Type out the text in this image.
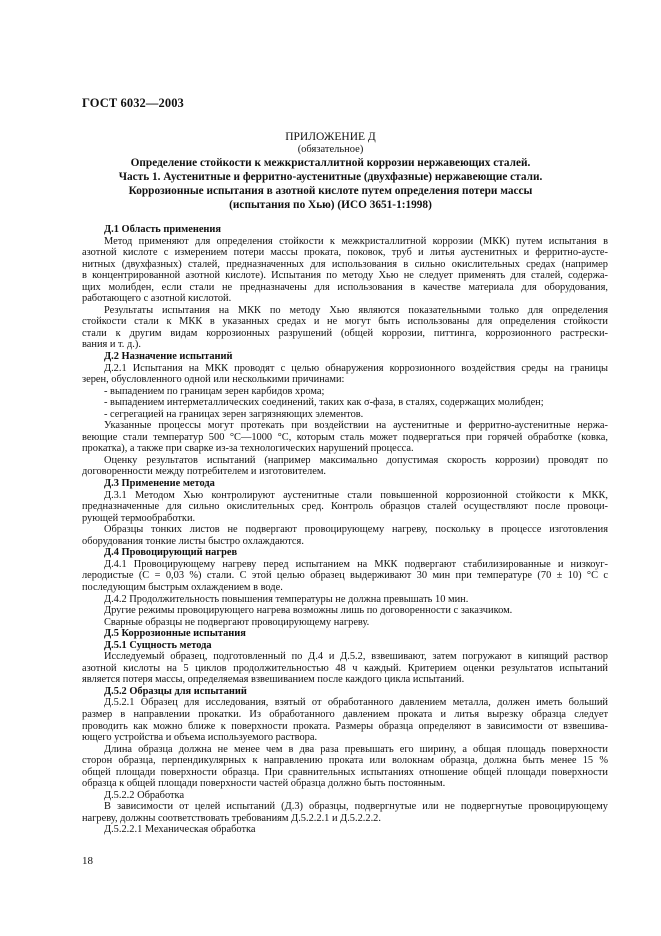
ГОСТ 6032—2003
ПРИЛОЖЕНИЕ Д
(обязательное)
Определение стойкости к межкристаллитной коррозии нержавеющих сталей.
Часть 1. Аустенитные и ферритно-аустенитные (двухфазные) нержавеющие стали.
Коррозионные испытания в азотной кислоте путем определения потери массы
(испытания по Хью) (ИСО 3651-1:1998)
Д.1 Область применения
Метод применяют для определения стойкости к межкристаллитной коррозии (МКК) путем испытания в
азотной кислоте с измерением потери массы проката, поковок, труб и литья аустенитных и ферритно-аусте-
нитных (двухфазных) сталей, предназначенных для использования в сильно окислительных средах (например
в концентрированной азотной кислоте). Испытания по методу Хью не следует применять для сталей, содержа-
щих молибден, если стали не предназначены для использования в качестве материала для оборудования,
работающего с азотной кислотой.
Результаты испытания на МКК по методу Хью являются показательными только для определения
стойкости стали к МКК в указанных средах и не могут быть использованы для определения стойкости
стали к другим видам коррозионных разрушений (общей коррозии, питтинга, коррозионного растрески-
вания и т. д.).
Д.2 Назначение испытаний
Д.2.1 Испытания на МКК проводят с целью обнаружения коррозионного воздействия среды на границы
зерен, обусловленного одной или несколькими причинами:
- выпадением по границам зерен карбидов хрома;
- выпадением интерметаллических соединений, таких как σ-фаза, в сталях, содержащих молибден;
- сегрегацией на границах зерен загрязняющих элементов.
Указанные процессы могут протекать при воздействии на аустенитные и ферритно-аустенитные нержа-
веющие стали температур 500 °С—1000 °С, которым сталь может подвергаться при горячей обработке (ковка,
прокатка), а также при сварке из-за технологических нарушений процесса.
Оценку результатов испытаний (например максимально допустимая скорость коррозии) проводят по
договоренности между потребителем и изготовителем.
Д.3 Применение метода
Д.3.1 Методом Хью контролируют аустенитные стали повышенной коррозионной стойкости к МКК,
предназначенные для сильно окислительных сред. Контроль образцов сталей осуществляют после провоци-
рующей термообработки.
Образцы тонких листов не подвергают провоцирующему нагреву, поскольку в процессе изготовления
оборудования тонкие листы быстро охлаждаются.
Д.4 Провоцирующий нагрев
Д.4.1 Провоцирующему нагреву перед испытанием на МКК подвергают стабилизированные и низкоуг-
леродистые (С = 0,03 %) стали. С этой целью образец выдерживают 30 мин при температуре (70 ± 10) °С с
последующим быстрым охлаждением в воде.
Д.4.2 Продолжительность повышения температуры не должна превышать 10 мин.
Другие режимы провоцирующего нагрева возможны лишь по договоренности с заказчиком.
Сварные образцы не подвергают провоцирующему нагреву.
Д.5 Коррозионные испытания
Д.5.1 Сущность метода
Исследуемый образец, подготовленный по Д.4 и Д.5.2, взвешивают, затем погружают в кипящий раствор
азотной кислоты на 5 циклов продолжительностью 48 ч каждый. Критерием оценки результатов испытаний
является потеря массы, определяемая взвешиванием после каждого цикла испытаний.
Д.5.2 Образцы для испытаний
Д.5.2.1 Образец для исследования, взятый от обработанного давлением металла, должен иметь больший
размер в направлении прокатки. Из обработанного давлением проката и литья вырезку образца следует
проводить как можно ближе к поверхности проката. Размеры образца определяют в зависимости от взвешива-
ющего устройства и объема используемого раствора.
Длина образца должна не менее чем в два раза превышать его ширину, а общая площадь поверхности
сторон образца, перпендикулярных к направлению проката или волокнам образца, должна быть менее 15 %
общей площади поверхности образца. При сравнительных испытаниях отношение общей площади поверхности
образца к общей площади поверхности частей образца должно быть постоянным.
Д.5.2.2 Обработка
В зависимости от целей испытаний (Д.3) образцы, подвергнутые или не подвергнутые провоцирующему
нагреву, должны соответствовать требованиям Д.5.2.2.1 и Д.5.2.2.2.
Д.5.2.2.1 Механическая обработка
18
